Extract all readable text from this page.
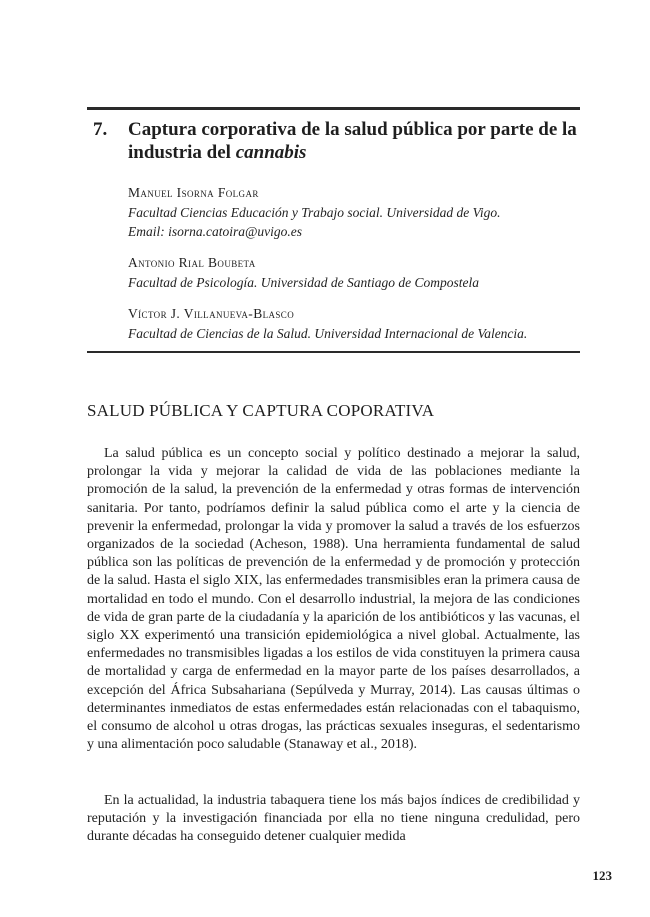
7. Captura corporativa de la salud pública por parte de la industria del cannabis
Manuel Isorna Folgar
Facultad Ciencias Educación y Trabajo social. Universidad de Vigo.
Email: isorna.catoira@uvigo.es
Antonio Rial Boubeta
Facultad de Psicología. Universidad de Santiago de Compostela
Víctor J. Villanueva-Blasco
Facultad de Ciencias de la Salud. Universidad Internacional de Valencia.
SALUD PÚBLICA Y CAPTURA COPORATIVA

La salud pública es un concepto social y político destinado a mejorar la salud, prolongar la vida y mejorar la calidad de vida de las poblaciones mediante la promoción de la salud, la prevención de la enfermedad y otras formas de intervención sanitaria. Por tanto, podríamos definir la salud pública como el arte y la ciencia de prevenir la enfermedad, prolongar la vida y promover la salud a través de los esfuerzos organizados de la sociedad (Acheson, 1988). Una herramienta fundamental de salud pública son las políticas de prevención de la enfermedad y de promoción y protección de la salud. Hasta el siglo XIX, las enfermedades transmisibles eran la primera causa de mortalidad en todo el mundo. Con el desarrollo industrial, la mejora de las condiciones de vida de gran parte de la ciudadanía y la aparición de los antibióticos y las vacunas, el siglo XX experimentó una transición epidemiológica a nivel global. Actualmente, las enfermedades no transmisibles ligadas a los estilos de vida constituyen la primera causa de mortalidad y carga de enfermedad en la mayor parte de los países desarrollados, a excepción del África Subsahariana (Sepúlveda y Murray, 2014). Las causas últimas o determinantes inmediatos de estas enfermedades están relacionadas con el tabaquismo, el consumo de alcohol u otras drogas, las prácticas sexuales inseguras, el sedentarismo y una alimentación poco saludable (Stanaway et al., 2018).

En la actualidad, la industria tabaquera tiene los más bajos índices de credibilidad y reputación y la investigación financiada por ella no tiene ninguna credulidad, pero durante décadas ha conseguido detener cualquier medida

123
